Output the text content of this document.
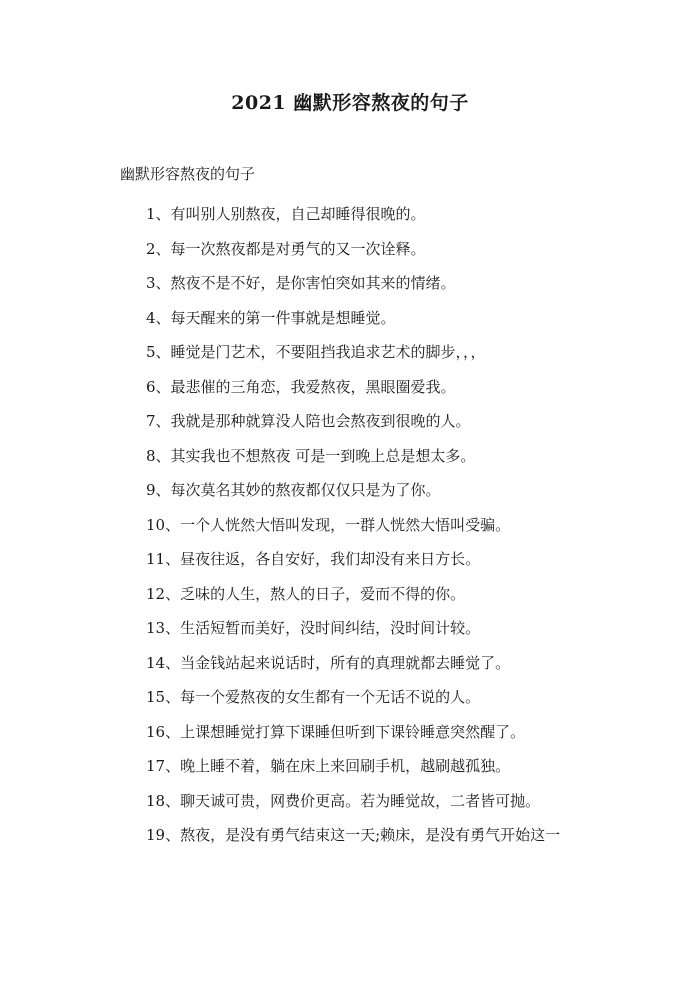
2021 幽默形容熬夜的句子
幽默形容熬夜的句子
1、有叫别人别熬夜，自己却睡得很晚的。
2、每一次熬夜都是对勇气的又一次诠释。
3、熬夜不是不好，是你害怕突如其来的情绪。
4、每天醒来的第一件事就是想睡觉。
5、睡觉是门艺术，不要阻挡我追求艺术的脚步，，，
6、最悲催的三角恋，我爱熬夜，黑眼圈爱我。
7、我就是那种就算没人陪也会熬夜到很晚的人。
8、其实我也不想熬夜 可是一到晚上总是想太多。
9、每次莫名其妙的熬夜都仅仅只是为了你。
10、一个人恍然大悟叫发现，一群人恍然大悟叫受骗。
11、昼夜往返，各自安好，我们却没有来日方长。
12、乏味的人生，熬人的日子，爱而不得的你。
13、生活短暂而美好，没时间纠结，没时间计较。
14、当金钱站起来说话时，所有的真理就都去睡觉了。
15、每一个爱熬夜的女生都有一个无话不说的人。
16、上课想睡觉打算下课睡但听到下课铃睡意突然醒了。
17、晚上睡不着，躺在床上来回刷手机，越刷越孤独。
18、聊天诚可贵，网费价更高。若为睡觉故，二者皆可抛。
19、熬夜，是没有勇气结束这一天;赖床，是没有勇气开始这一
